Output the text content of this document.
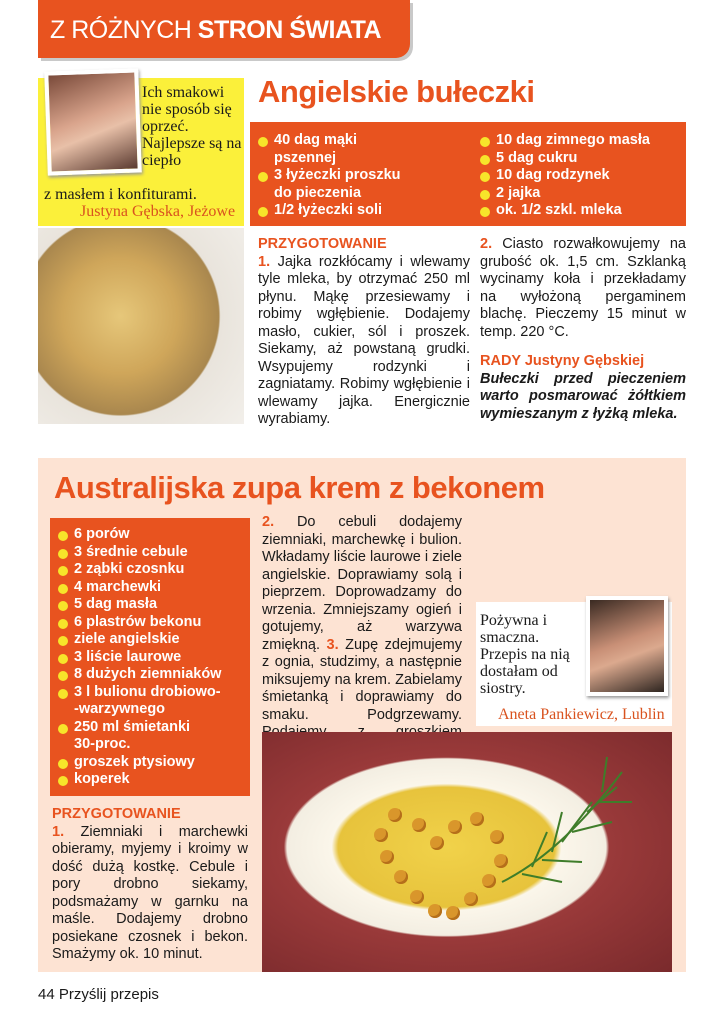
Z RÓŻNYCH STRON ŚWIATA
Ich smakowi nie sposób się oprzeć. Najlepsze są na ciepło
z masłem i konfiturami.
Justyna Gębska, Jeżowe
Angielskie bułeczki
40 dag mąki
pszennej
3 łyżeczki proszku
do pieczenia
1/2 łyżeczki soli
10 dag zimnego masła
5 dag cukru
10 dag rodzynek
2 jajka
ok. 1/2 szkl. mleka
PRZYGOTOWANIE
1. Jajka rozkłócamy i wlewamy tyle mleka, by otrzymać 250 ml płynu. Mąkę przesiewamy i robimy wgłębienie. Dodajemy masło, cukier, sól i proszek. Siekamy, aż powstaną grudki. Wsypujemy rodzynki i zagniatamy. Robimy wgłębienie i wlewamy jajka. Energicznie wyrabiamy.
2. Ciasto rozwałkowujemy na grubość ok. 1,5 cm. Szklanką wycinamy koła i przekładamy na wyłożoną pergaminem blachę. Pieczemy 15 minut w temp. 220 °C.
RADY Justyny Gębskiej
Bułeczki przed pieczeniem warto posmarować żółtkiem wymieszanym z łyżką mleka.
Australijska zupa krem z bekonem
6 porów
3 średnie cebule
2 ząbki czosnku
4 marchewki
5 dag masła
6 plastrów bekonu
ziele angielskie
3 liście laurowe
8 dużych ziemniaków
3 l bulionu drobiowo-
-warzywnego
250 ml śmietanki
30-proc.
groszek ptysiowy
koperek
PRZYGOTOWANIE
1. Ziemniaki i marchewki obieramy, myjemy i kroimy w dość dużą kostkę. Cebule i pory drobno siekamy, podsmażamy w garnku na maśle. Dodajemy drobno posiekane czosnek i bekon. Smażymy ok. 10 minut.
2. Do cebuli dodajemy ziemniaki, marchewkę i bulion. Wkładamy liście laurowe i ziele angielskie. Doprawiamy solą i pieprzem. Doprowadzamy do wrzenia. Zmniejszamy ogień i gotujemy, aż warzywa zmiękną. 3. Zupę zdejmujemy z ognia, studzimy, a następnie miksujemy na krem. Zabielamy śmietanką i doprawiamy do smaku. Podgrzewamy.
Pożywna i smaczna. Przepis na nią dostałam od siostry.
Aneta Pankiewicz, Lublin
44 Przyślij przepis
